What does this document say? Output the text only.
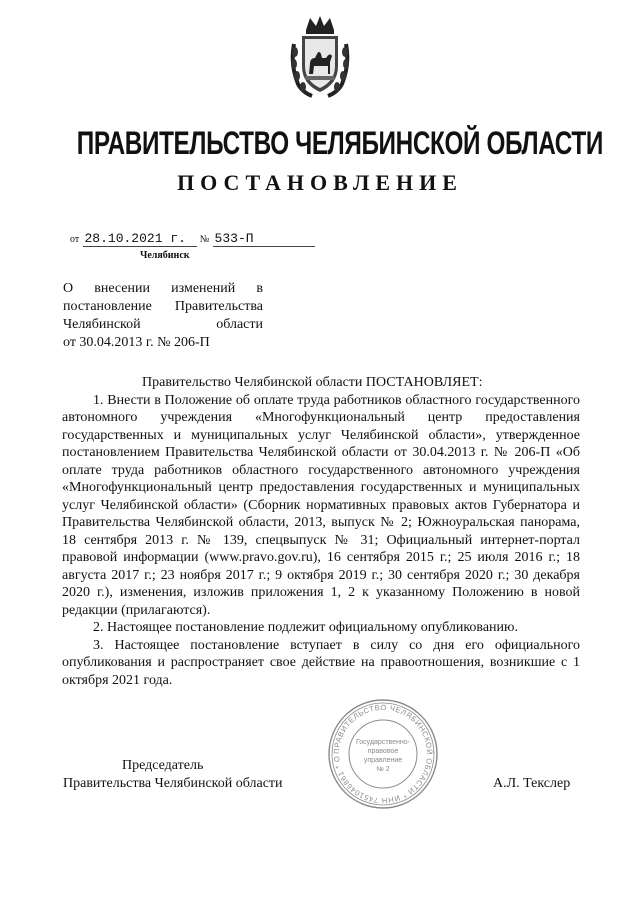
ПРАВИТЕЛЬСТВО ЧЕЛЯБИНСКОЙ ОБЛАСТИ
ПОСТАНОВЛЕНИЕ
от 28.10.2021 г. № 533-П
Челябинск
О внесении изменений в
постановление Правительства
Челябинской области
от 30.04.2013 г. № 206-П

Правительство Челябинской области ПОСТАНОВЛЯЕТ:

1. Внести в Положение об оплате труда работников областного государственного автономного учреждения «Многофункциональный центр предоставления государственных и муниципальных услуг Челябинской области», утвержденное постановлением Правительства Челябинской области от 30.04.2013 г. № 206-П «Об оплате труда работников областного государственного автономного учреждения «Многофункциональный центр предоставления государственных и муниципальных услуг Челябинской области» (Сборник нормативных правовых актов Губернатора и Правительства Челябинской области, 2013, выпуск № 2; Южноуральская панорама, 18 сентября 2013 г. № 139, спецвыпуск № 31; Официальный интернет-портал правовой информации (www.pravo.gov.ru), 16 сентября 2015 г.; 25 июля 2016 г.; 18 августа 2017 г.; 23 ноября 2017 г.; 9 октября 2019 г.; 30 сентября 2020 г.; 30 декабря 2020 г.), изменения, изложив приложения 1, 2 к указанному Положению в новой редакции (прилагаются).

2. Настоящее постановление подлежит официальному опубликованию.

3. Настоящее постановление вступает в силу со дня его официального опубликования и распространяет свое действие на правоотношения, возникшие с 1 октября 2021 года.

ПРАВИТЕЛЬСТВО ЧЕЛЯБИНСКОЙ ОБЛАСТИ * ИНН 7451046861 * О
Государственно-
правовое
управление
№ 2
Председатель
Правительства Челябинской области	А.Л. Текслер
